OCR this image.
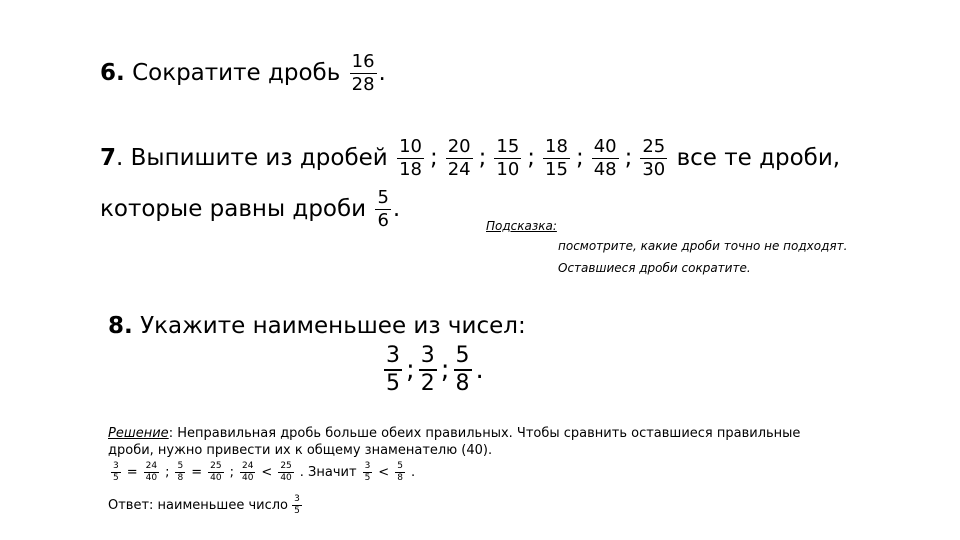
6. Сократите дробь $\frac{16}{28}$ .
7. Выпишите из дробей $\frac{10}{18}$ ; $\frac{20}{24}$ ; $\frac{15}{10}$ ; $\frac{18}{15}$ ; $\frac{40}{48}$ ; $\frac{25}{30}$ все те дроби,
которые равны дроби $\frac{5}{6}$ .
Подсказка:
посмотрите, какие дроби точно не подходят.
Оставшиеся дроби сократите.
8. Укажите наименьшее из чисел:
$\frac{3}{5}$ ; $\frac{3}{2}$ ; $\frac{5}{8}$ .
Решение: Неправильная дробь больше обеих правильных. Чтобы сравнить оставшиеся правильные
дроби, нужно привести их к общему знаменателю (40).
$\frac{3}{5} = \frac{24}{40}$ ; $\frac{5}{8} = \frac{25}{40}$ ; $\frac{24}{40} < \frac{25}{40}$ . Значит $\frac{3}{5} < \frac{5}{8}$ .
Ответ: наименьшее число $\frac{3}{5}$
